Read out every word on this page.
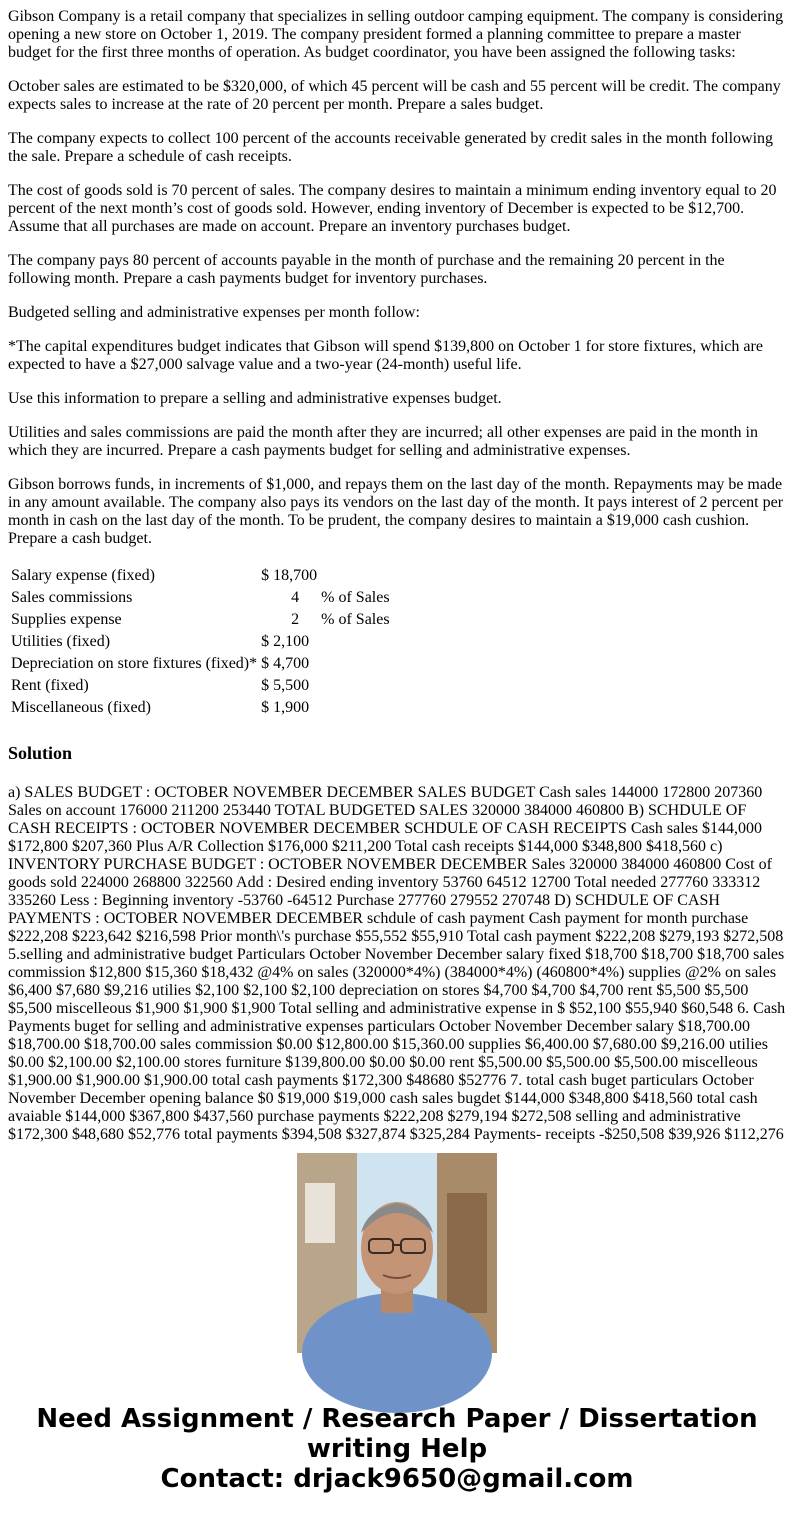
Gibson Company is a retail company that specializes in selling outdoor camping equipment. The company is considering opening a new store on October 1, 2019. The company president formed a planning committee to prepare a master budget for the first three months of operation. As budget coordinator, you have been assigned the following tasks:

October sales are estimated to be $320,000, of which 45 percent will be cash and 55 percent will be credit. The company expects sales to increase at the rate of 20 percent per month. Prepare a sales budget.

The company expects to collect 100 percent of the accounts receivable generated by credit sales in the month following the sale. Prepare a schedule of cash receipts.

The cost of goods sold is 70 percent of sales. The company desires to maintain a minimum ending inventory equal to 20 percent of the next month’s cost of goods sold. However, ending inventory of December is expected to be $12,700. Assume that all purchases are made on account. Prepare an inventory purchases budget.

The company pays 80 percent of accounts payable in the month of purchase and the remaining 20 percent in the following month. Prepare a cash payments budget for inventory purchases.

Budgeted selling and administrative expenses per month follow:

*The capital expenditures budget indicates that Gibson will spend $139,800 on October 1 for store fixtures, which are expected to have a $27,000 salvage value and a two-year (24-month) useful life.

Use this information to prepare a selling and administrative expenses budget.

Utilities and sales commissions are paid the month after they are incurred; all other expenses are paid in the month in which they are incurred. Prepare a cash payments budget for selling and administrative expenses.

Gibson borrows funds, in increments of $1,000, and repays them on the last day of the month. Repayments may be made in any amount available. The company also pays its vendors on the last day of the month. It pays interest of 2 percent per month in cash on the last day of the month. To be prudent, the company desires to maintain a $19,000 cash cushion. Prepare a cash budget.

Salary expense (fixed)	$	18,700	
Sales commissions		4	% of Sales
Supplies expense		2	% of Sales
Utilities (fixed)	$	2,100	
Depreciation on store fixtures (fixed)*	$	4,700	
Rent (fixed)	$	5,500	
Miscellaneous (fixed)	$	1,900	
Solution
a) SALES BUDGET : OCTOBER NOVEMBER DECEMBER SALES BUDGET Cash sales 144000 172800 207360 Sales on account 176000 211200 253440 TOTAL BUDGETED SALES 320000 384000 460800 B) SCHDULE OF CASH RECEIPTS : OCTOBER NOVEMBER DECEMBER SCHDULE OF CASH RECEIPTS Cash sales $144,000 $172,800 $207,360 Plus A/R Collection $176,000 $211,200 Total cash receipts $144,000 $348,800 $418,560 c) INVENTORY PURCHASE BUDGET : OCTOBER NOVEMBER DECEMBER Sales 320000 384000 460800 Cost of goods sold 224000 268800 322560 Add : Desired ending inventory 53760 64512 12700 Total needed 277760 333312 335260 Less : Beginning inventory -53760 -64512 Purchase 277760 279552 270748 D) SCHDULE OF CASH PAYMENTS : OCTOBER NOVEMBER DECEMBER schdule of cash payment Cash payment for month purchase $222,208 $223,642 $216,598 Prior month\'s purchase $55,552 $55,910 Total cash payment $222,208 $279,193 $272,508 5.selling and administrative budget Particulars October November December salary fixed $18,700 $18,700 $18,700 sales commission $12,800 $15,360 $18,432 @4% on sales (320000*4%) (384000*4%) (460800*4%) supplies @2% on sales $6,400 $7,680 $9,216 utilies $2,100 $2,100 $2,100 depreciation on stores $4,700 $4,700 $4,700 rent $5,500 $5,500 $5,500 miscelleous $1,900 $1,900 $1,900 Total selling and administrative expense in $ $52,100 $55,940 $60,548 6. Cash Payments buget for selling and administrative expenses particulars October November December salary $18,700.00 $18,700.00 $18,700.00 sales commission $0.00 $12,800.00 $15,360.00 supplies $6,400.00 $7,680.00 $9,216.00 utilies $0.00 $2,100.00 $2,100.00 stores furniture $139,800.00 $0.00 $0.00 rent $5,500.00 $5,500.00 $5,500.00 miscelleous $1,900.00 $1,900.00 $1,900.00 total cash payments $172,300 $48680 $52776 7. total cash buget particulars October November December opening balance $0 $19,000 $19,000 cash sales bugdet $144,000 $348,800 $418,560 total cash avaiable $144,000 $367,800 $437,560 purchase payments $222,208 $279,194 $272,508 selling and administrative $172,300 $48,680 $52,776 total payments $394,508 $327,874 $325,284 Payments- receipts -$250,508 $39,926 $112,276
Need Assignment / Research Paper / Dissertation
writing Help
Contact: drjack9650@gmail.com
